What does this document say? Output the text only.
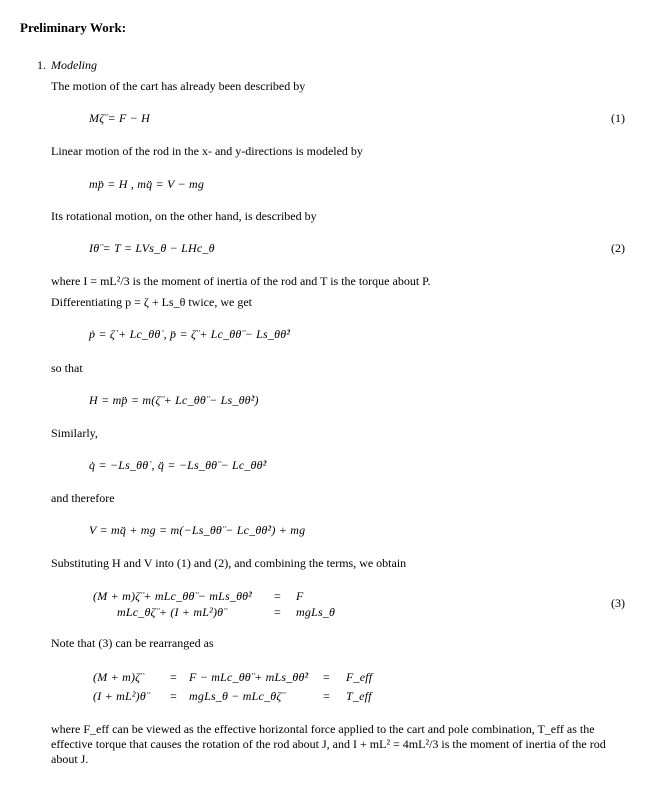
Preliminary Work:
1. Modeling
The motion of the cart has already been described by
Mζ̈ = F − H	(1)
Linear motion of the rod in the x- and y-directions is modeled by
mp̈ = H , mq̈ = V − mg
Its rotational motion, on the other hand, is described by
Iθ̈ = T = LVs_θ − LHc_θ	(2)
where I = mL²/3 is the moment of inertia of the rod and T is the torque about P.
Differentiating p = ζ + Ls_θ twice, we get
ṗ = ζ̇ + Lc_θθ̇ , p̈ = ζ̈ + Lc_θθ̈ − Ls_θθ̇²
so that
H = mp̈ = m(ζ̈ + Lc_θθ̈ − Ls_θθ̇²)
Similarly,
q̇ = −Ls_θθ̇ , q̈ = −Ls_θθ̈ − Lc_θθ̇²
and therefore
V = mq̈ + mg = m(−Ls_θθ̈ − Lc_θθ̇²) + mg
Substituting H and V into (1) and (2), and combining the terms, we obtain
(M + m)ζ̈ + mLc_θθ̈ − mLs_θθ̇² = F
mLc_θζ̈ + (I + mL²)θ̈	= mgLs_θ
(3)
Note that (3) can be rearranged as
(M + m)ζ̈ = F − mLc_θθ̈ + mLs_θθ̇² = F_eff
(I + mL²)θ̈ = mgLs_θ − mLc_θζ̈	= T_eff
where F_eff can be viewed as the effective horizontal force applied to the cart and pole combination, T_eff as the effective torque that causes the rotation of the rod about J, and I + mL² = 4mL²/3 is the moment of inertia of the rod about J.
